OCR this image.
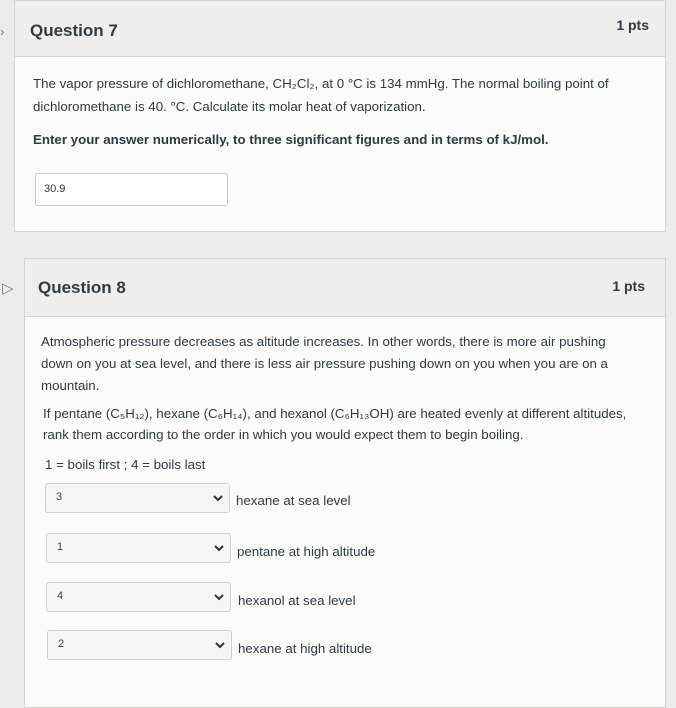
› Question 7	1 pts
The vapor pressure of dichloromethane, CH₂Cl₂, at 0 °C is 134 mmHg. The normal boiling point of
dichloromethane is 40. °C. Calculate its molar heat of vaporization.
Enter your answer numerically, to three significant figures and in terms of kJ/mol.
30.9
▷ Question 8	1 pts
Atmospheric pressure decreases as altitude increases. In other words, there is more air pushing
down on you at sea level, and there is less air pressure pushing down on you when you are on a
mountain.
If pentane (C₅H₁₂), hexane (C₆H₁₄), and hexanol (C₆H₁₃OH) are heated evenly at different altitudes,
rank them according to the order in which you would expect them to begin boiling.
1 = boils first ; 4 = boils last
3	hexane at sea level
1	pentane at high altitude
4	hexanol at sea level
2	hexane at high altitude
